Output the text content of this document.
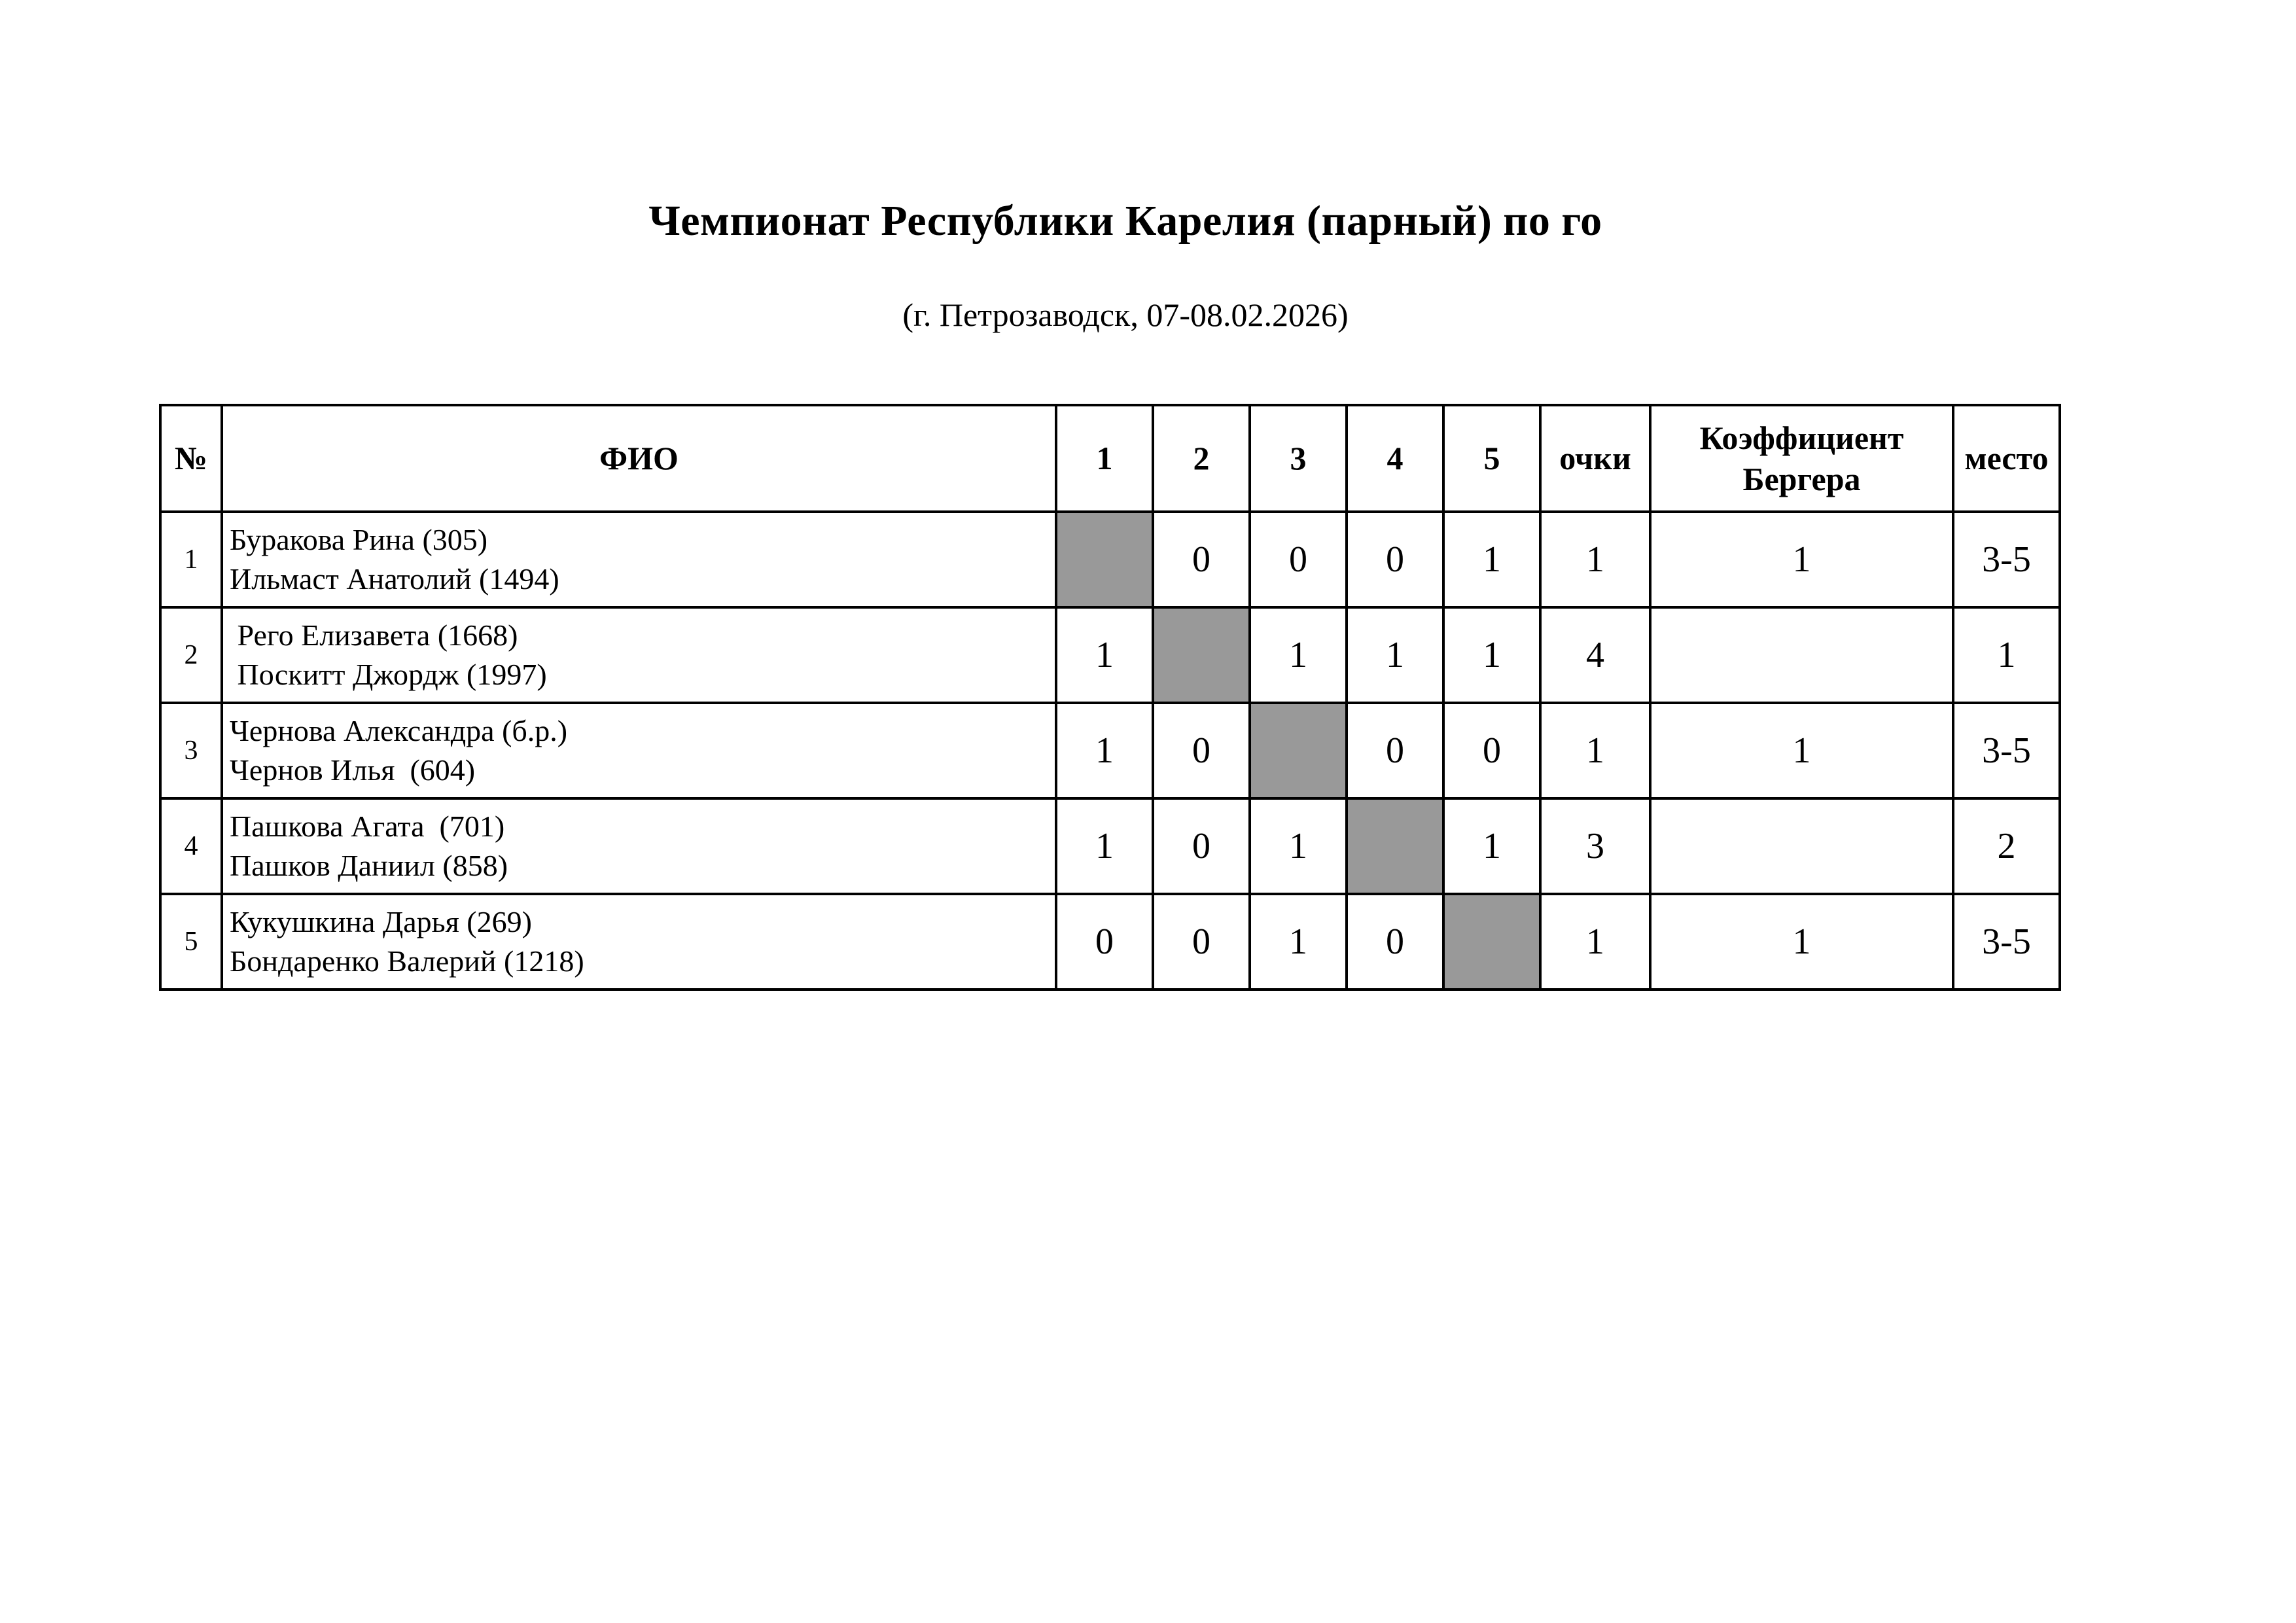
Чемпионат Республики Карелия (парный) по го
(г. Петрозаводск, 07-08.02.2026)
№	ФИО	1	2	3	4	5	очки	Коэффициент Бергера	место
1	Буракова Рина (305)
Ильмаст Анатолий (1494)		0	0	0	1	1	1	3-5
2	Рего Елизавета (1668)
Поскитт Джордж (1997)	1		1	1	1	4		1
3	Чернова Александра (б.р.)
Чернов Илья  (604)	1	0		0	0	1	1	3-5
4	Пашкова Агата  (701)
Пашков Даниил (858)	1	0	1		1	3		2
5	Кукушкина Дарья (269)
Бондаренко Валерий (1218)	0	0	1	0		1	1	3-5
